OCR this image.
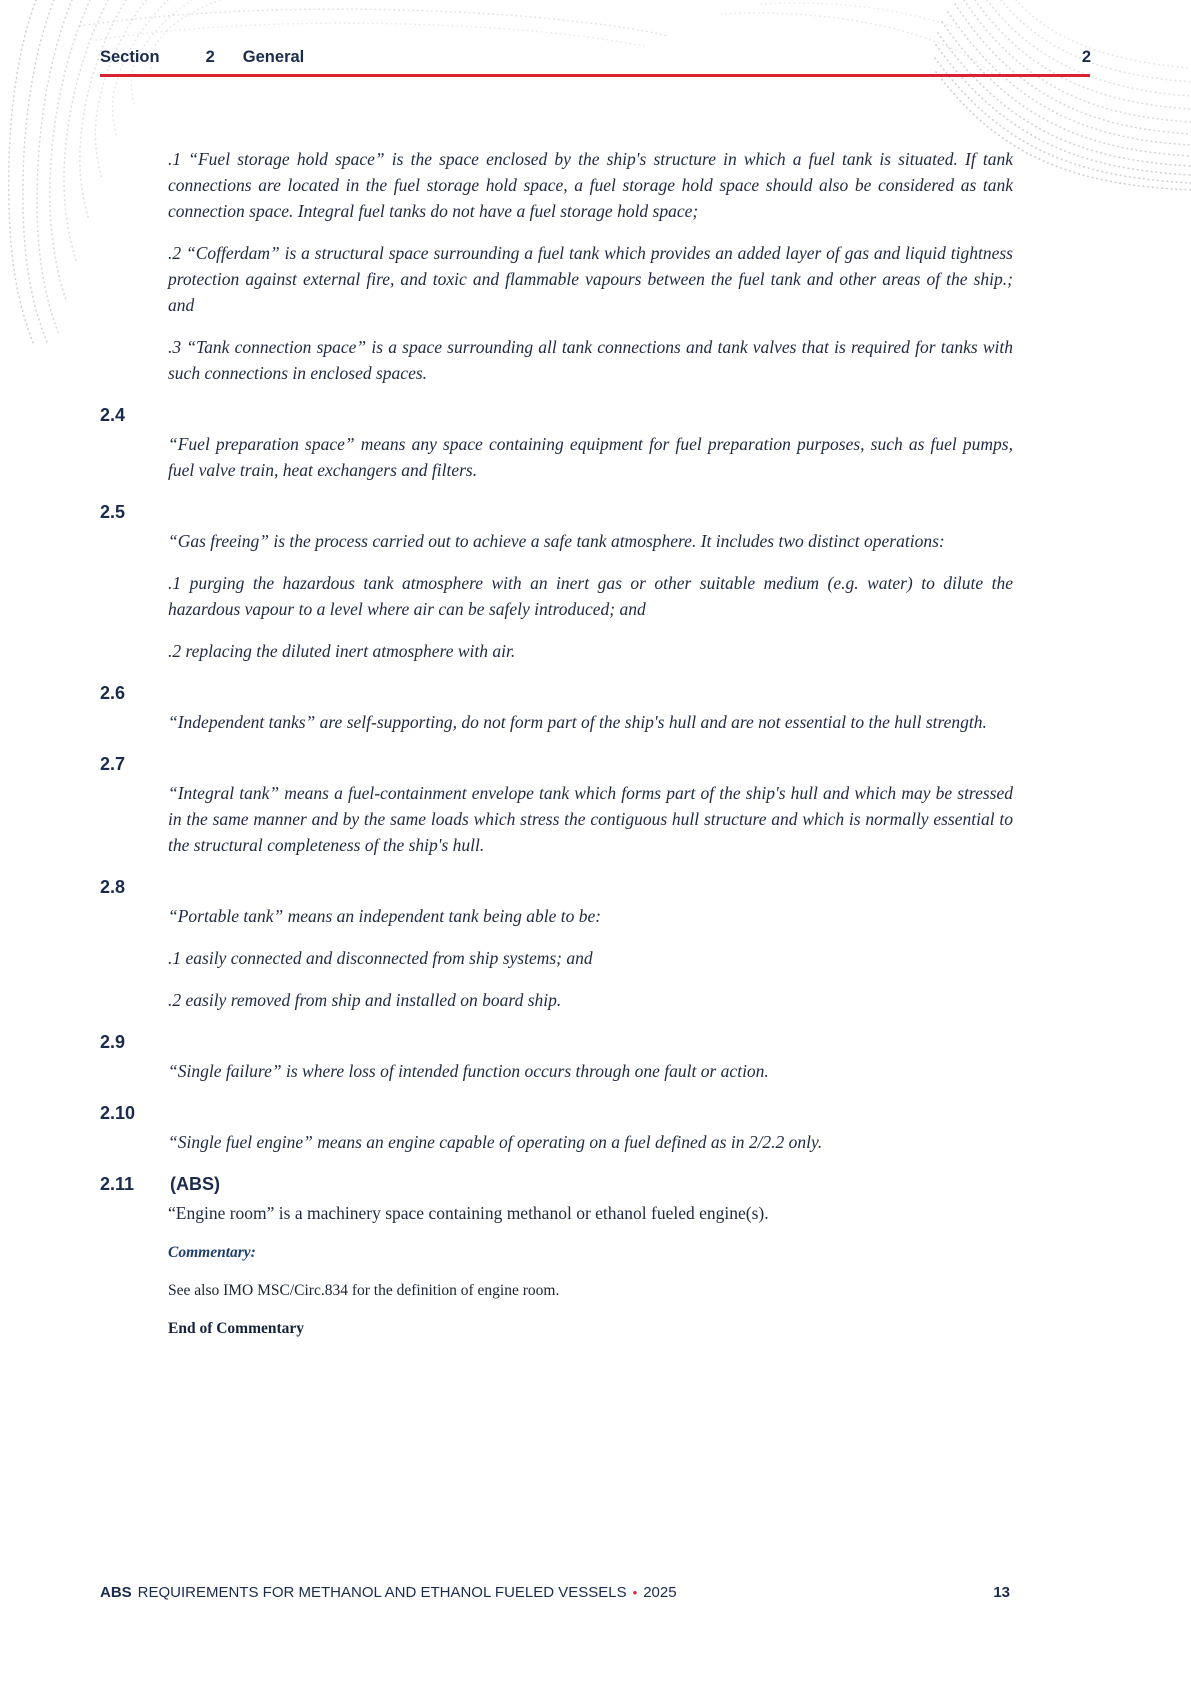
Section	2 General	2

.1 “Fuel storage hold space” is the space enclosed by the ship's structure in which a fuel tank is situated. If tank connections are located in the fuel storage hold space, a fuel storage hold space should also be considered as tank connection space. Integral fuel tanks do not have a fuel storage hold space;

.2 “Cofferdam” is a structural space surrounding a fuel tank which provides an added layer of gas and liquid tightness protection against external fire, and toxic and flammable vapours between the fuel tank and other areas of the ship.; and

.3 “Tank connection space” is a space surrounding all tank connections and tank valves that is required for tanks with such connections in enclosed spaces.

2.4

“Fuel preparation space” means any space containing equipment for fuel preparation purposes, such as fuel pumps, fuel valve train, heat exchangers and filters.

2.5

“Gas freeing” is the process carried out to achieve a safe tank atmosphere. It includes two distinct operations:

.1 purging the hazardous tank atmosphere with an inert gas or other suitable medium (e.g. water) to dilute the hazardous vapour to a level where air can be safely introduced; and

.2 replacing the diluted inert atmosphere with air.

2.6

“Independent tanks” are self-supporting, do not form part of the ship's hull and are not essential to the hull strength.

2.7

“Integral tank” means a fuel-containment envelope tank which forms part of the ship's hull and which may be stressed in the same manner and by the same loads which stress the contiguous hull structure and which is normally essential to the structural completeness of the ship's hull.

2.8

“Portable tank” means an independent tank being able to be:

.1 easily connected and disconnected from ship systems; and

.2 easily removed from ship and installed on board ship.

2.9

“Single failure” is where loss of intended function occurs through one fault or action.

2.10

“Single fuel engine” means an engine capable of operating on a fuel defined as in 2/2.2 only.

2.11 (ABS)

“Engine room” is a machinery space containing methanol or ethanol fueled engine(s).

Commentary:

See also IMO MSC/Circ.834 for the definition of engine room.

End of Commentary

ABS REQUIREMENTS FOR METHANOL AND ETHANOL FUELED VESSELS • 2025	13
